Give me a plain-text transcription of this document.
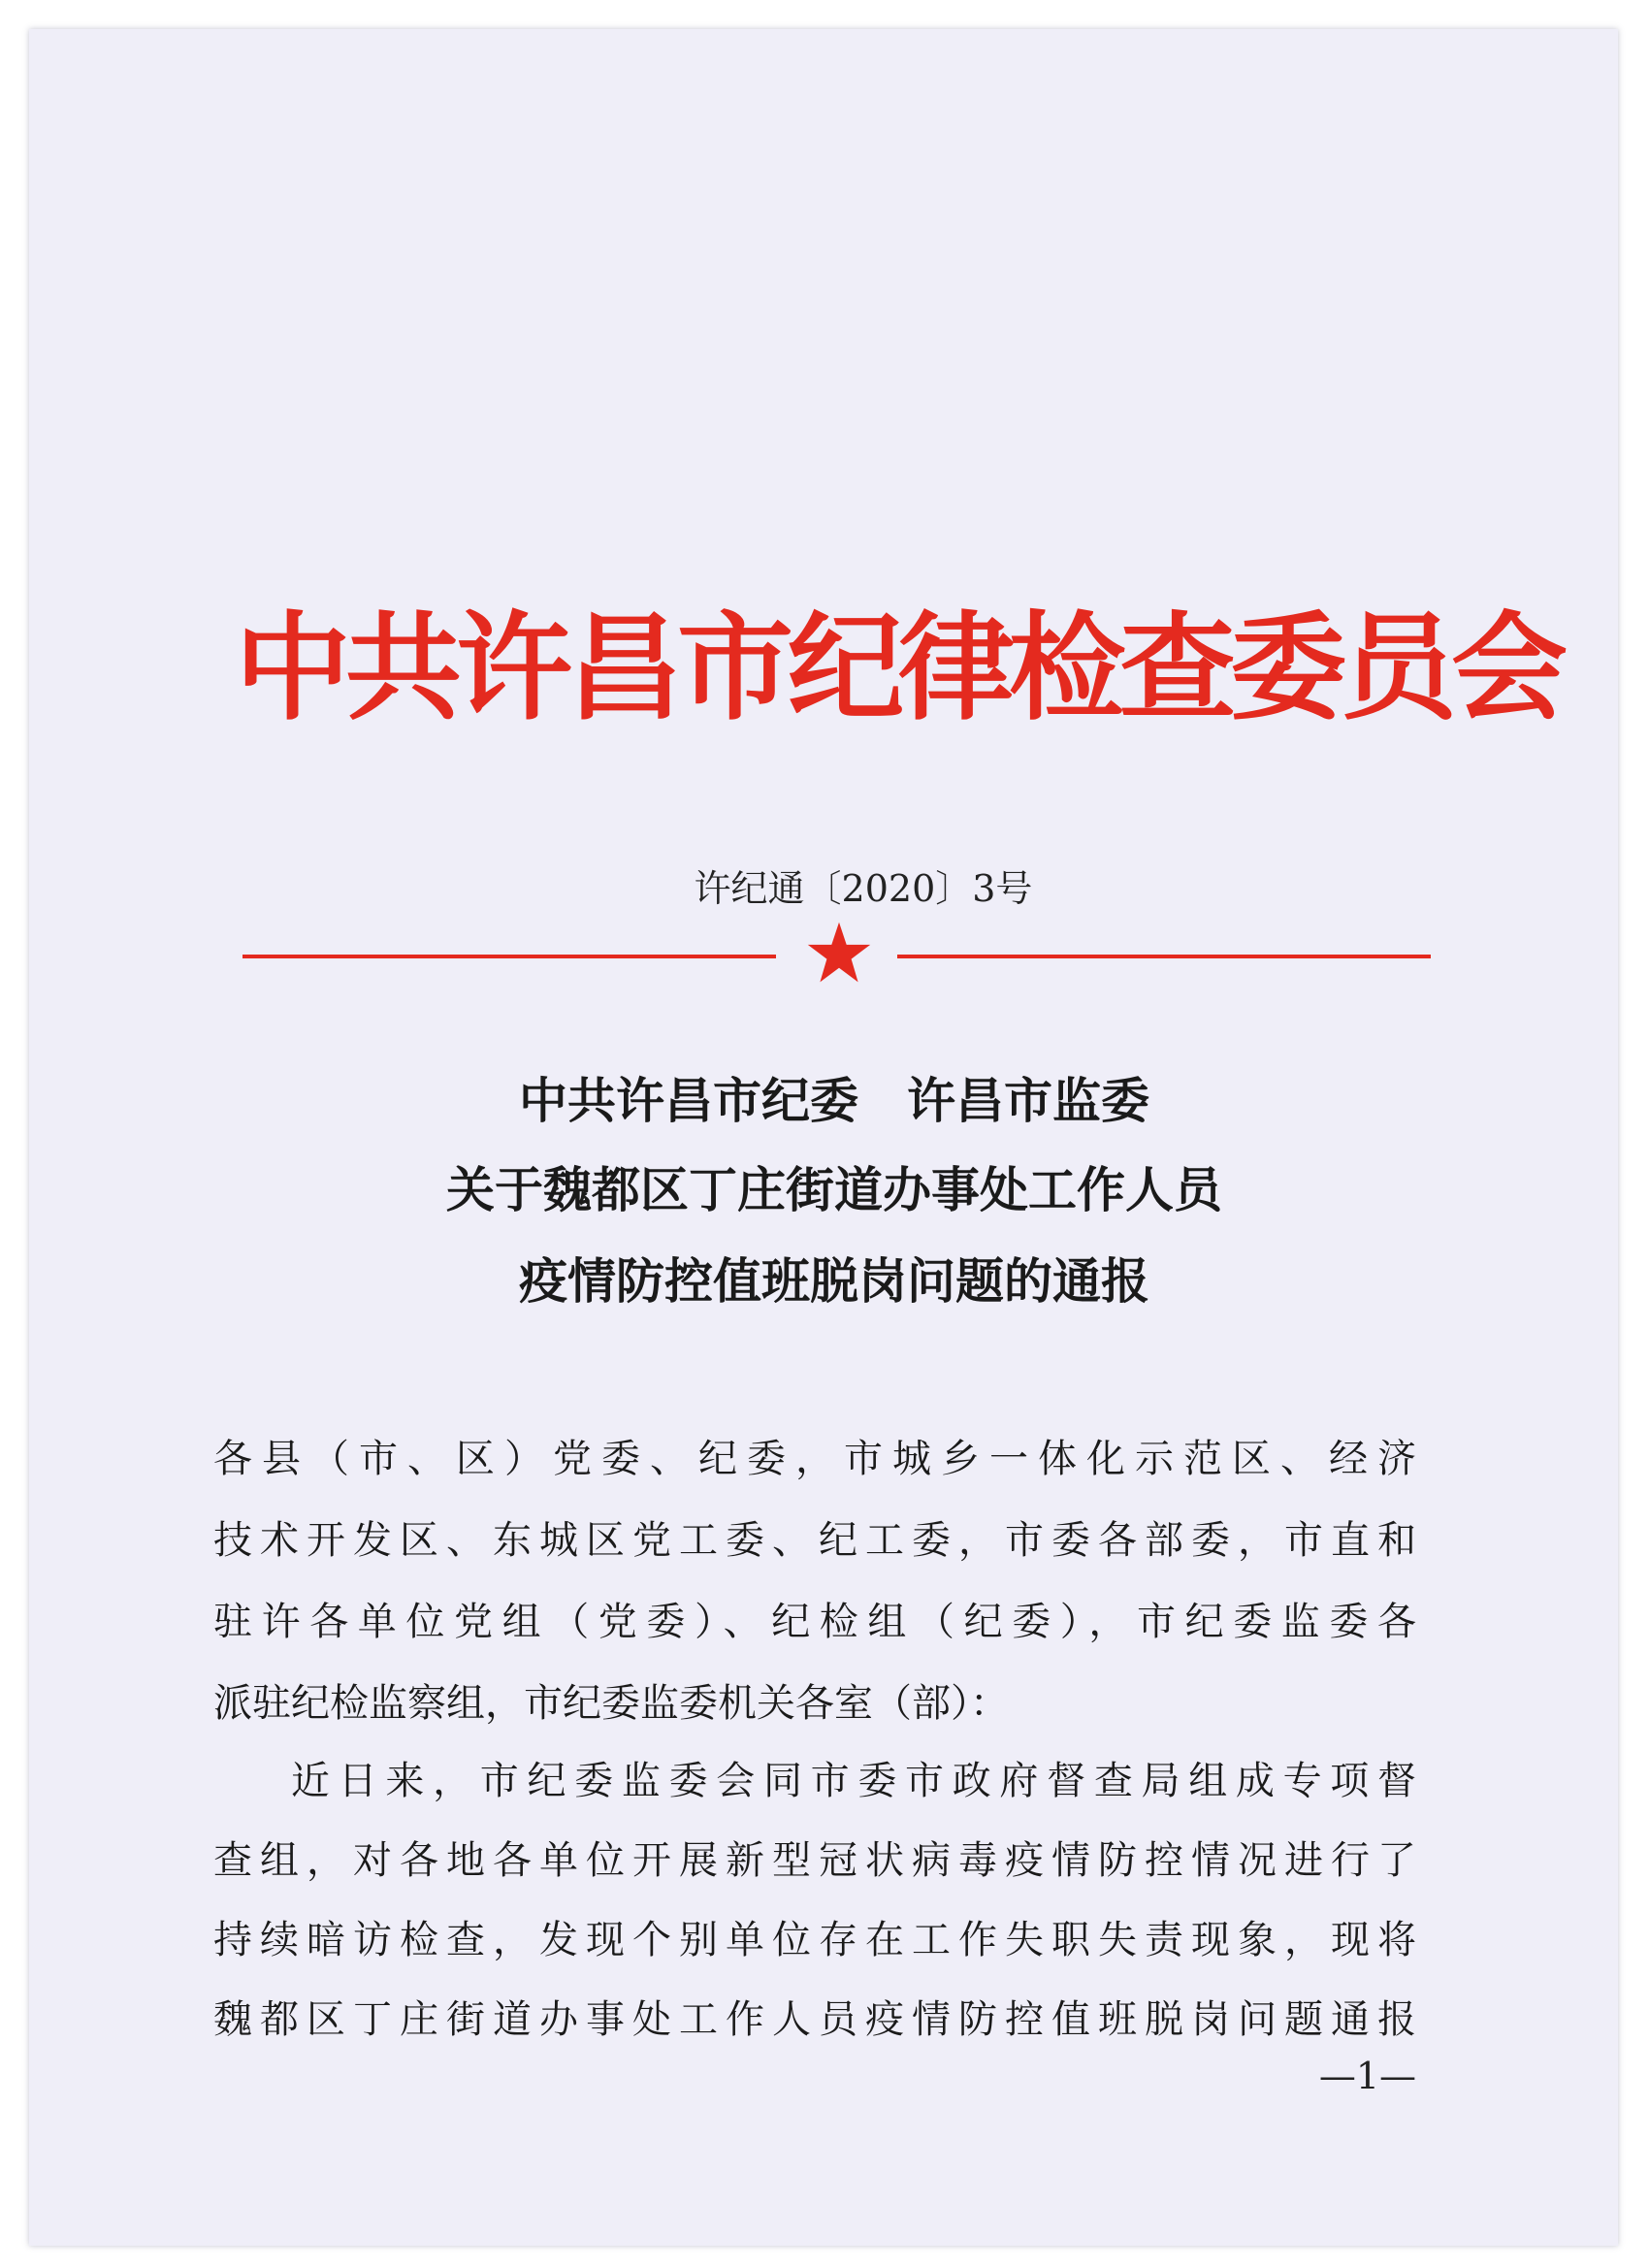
中共许昌市纪律检查委员会
许纪通〔2020〕3号
中共许昌市纪委　许昌市监委
关于魏都区丁庄街道办事处工作人员
疫情防控值班脱岗问题的通报
各县（市、区）党委、纪委，市城乡一体化示范区、经济
技术开发区、东城区党工委、纪工委，市委各部委，市直和
驻许各单位党组（党委）、纪检组（纪委），市纪委监委各
派驻纪检监察组，市纪委监委机关各室（部）：
近日来，市纪委监委会同市委市政府督查局组成专项督
查组，对各地各单位开展新型冠状病毒疫情防控情况进行了
持续暗访检查，发现个别单位存在工作失职失责现象，现将
魏都区丁庄街道办事处工作人员疫情防控值班脱岗问题通报
—1—
